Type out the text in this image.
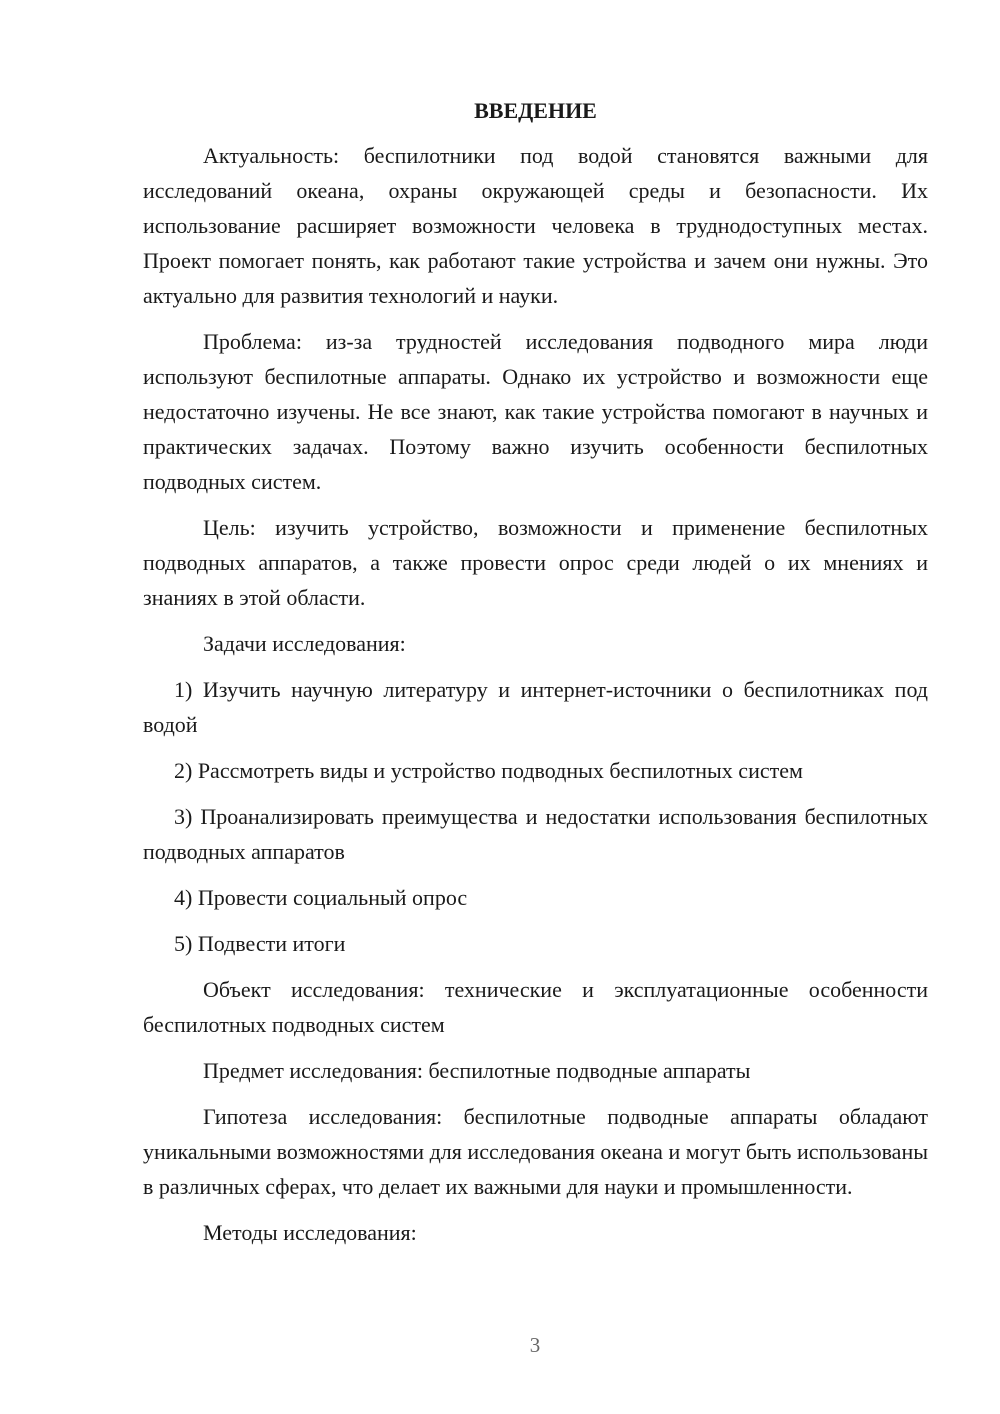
ВВЕДЕНИЕ

Актуальность: беспилотники под водой становятся важными для исследований океана, охраны окружающей среды и безопасности. Их использование расширяет возможности человека в труднодоступных местах. Проект помогает понять, как работают такие устройства и зачем они нужны. Это актуально для развития технологий и науки.

Проблема: из-за трудностей исследования подводного мира люди используют беспилотные аппараты. Однако их устройство и возможности еще недостаточно изучены. Не все знают, как такие устройства помогают в научных и практических задачах. Поэтому важно изучить особенности беспилотных подводных систем.

Цель: изучить устройство, возможности и применение беспилотных подводных аппаратов, а также провести опрос среди людей о их мнениях и знаниях в этой области.

Задачи исследования:

1) Изучить научную литературу и интернет-источники о беспилотниках под водой

2) Рассмотреть виды и устройство подводных беспилотных систем

3) Проанализировать преимущества и недостатки использования беспилотных подводных аппаратов

4) Провести социальный опрос

5) Подвести итоги

Объект исследования: технические и эксплуатационные особенности беспилотных подводных систем

Предмет исследования: беспилотные подводные аппараты

Гипотеза исследования: беспилотные подводные аппараты обладают уникальными возможностями для исследования океана и могут быть использованы в различных сферах, что делает их важными для науки и промышленности.

Методы исследования:

3
